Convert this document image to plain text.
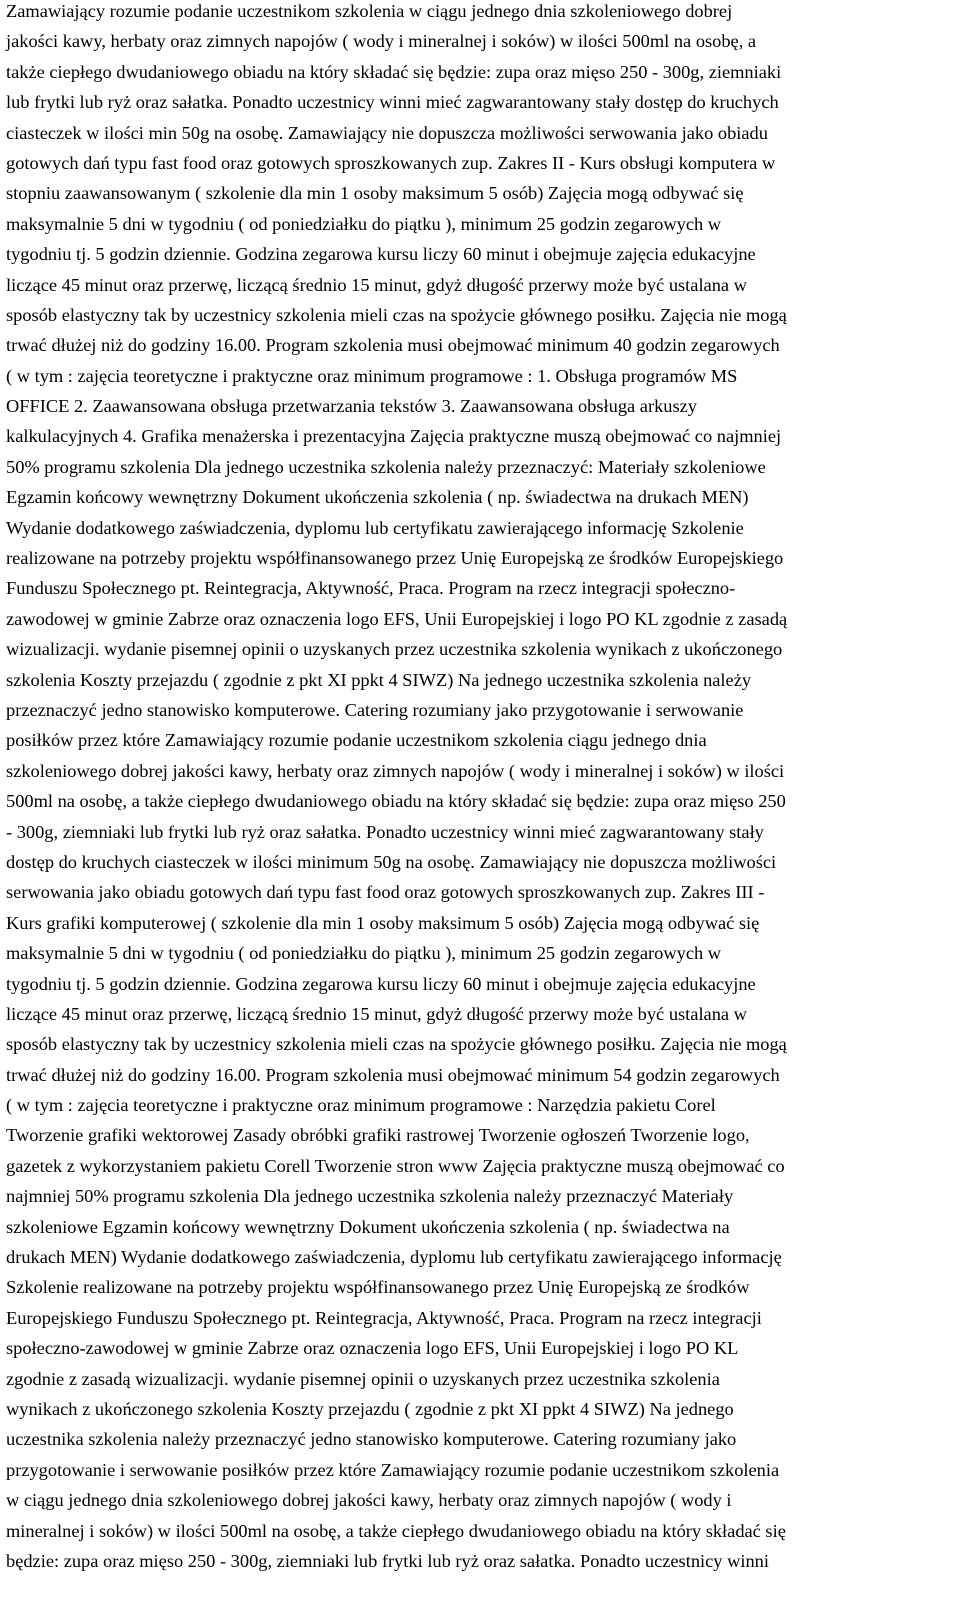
Zamawiający rozumie podanie uczestnikom szkolenia w ciągu jednego dnia szkoleniowego dobrej
jakości kawy, herbaty oraz zimnych napojów ( wody i mineralnej i soków) w ilości 500ml na osobę, a
także ciepłego dwudaniowego obiadu na który składać się będzie: zupa oraz mięso 250 - 300g, ziemniaki
lub frytki lub ryż oraz sałatka. Ponadto uczestnicy winni mieć zagwarantowany stały dostęp do kruchych
ciasteczek w ilości min 50g na osobę. Zamawiający nie dopuszcza możliwości serwowania jako obiadu
gotowych dań typu fast food oraz gotowych sproszkowanych zup. Zakres II - Kurs obsługi komputera w
stopniu zaawansowanym ( szkolenie dla min 1 osoby maksimum 5 osób) Zajęcia mogą odbywać się
maksymalnie 5 dni w tygodniu ( od poniedziałku do piątku ), minimum 25 godzin zegarowych w
tygodniu tj. 5 godzin dziennie. Godzina zegarowa kursu liczy 60 minut i obejmuje zajęcia edukacyjne
liczące 45 minut oraz przerwę, liczącą średnio 15 minut, gdyż długość przerwy może być ustalana w
sposób elastyczny tak by uczestnicy szkolenia mieli czas na spożycie głównego posiłku. Zajęcia nie mogą
trwać dłużej niż do godziny 16.00. Program szkolenia musi obejmować minimum 40 godzin zegarowych
( w tym : zajęcia teoretyczne i praktyczne oraz minimum programowe : 1. Obsługa programów MS
OFFICE 2. Zaawansowana obsługa przetwarzania tekstów 3. Zaawansowana obsługa arkuszy
kalkulacyjnych 4. Grafika menażerska i prezentacyjna Zajęcia praktyczne muszą obejmować co najmniej
50% programu szkolenia Dla jednego uczestnika szkolenia należy przeznaczyć: Materiały szkoleniowe
Egzamin końcowy wewnętrzny Dokument ukończenia szkolenia ( np. świadectwa na drukach MEN)
Wydanie dodatkowego zaświadczenia, dyplomu lub certyfikatu zawierającego informację Szkolenie
realizowane na potrzeby projektu współfinansowanego przez Unię Europejską ze środków Europejskiego
Funduszu Społecznego pt. Reintegracja, Aktywność, Praca. Program na rzecz integracji społeczno-
zawodowej w gminie Zabrze oraz oznaczenia logo EFS, Unii Europejskiej i logo PO KL zgodnie z zasadą
wizualizacji. wydanie pisemnej opinii o uzyskanych przez uczestnika szkolenia wynikach z ukończonego
szkolenia Koszty przejazdu ( zgodnie z pkt XI ppkt 4 SIWZ) Na jednego uczestnika szkolenia należy
przeznaczyć jedno stanowisko komputerowe. Catering rozumiany jako przygotowanie i serwowanie
posiłków przez które Zamawiający rozumie podanie uczestnikom szkolenia ciągu jednego dnia
szkoleniowego dobrej jakości kawy, herbaty oraz zimnych napojów ( wody i mineralnej i soków) w ilości
500ml na osobę, a także ciepłego dwudaniowego obiadu na który składać się będzie: zupa oraz mięso 250
- 300g, ziemniaki lub frytki lub ryż oraz sałatka. Ponadto uczestnicy winni mieć zagwarantowany stały
dostęp do kruchych ciasteczek w ilości minimum 50g na osobę. Zamawiający nie dopuszcza możliwości
serwowania jako obiadu gotowych dań typu fast food oraz gotowych sproszkowanych zup. Zakres III -
Kurs grafiki komputerowej ( szkolenie dla min 1 osoby maksimum 5 osób) Zajęcia mogą odbywać się
maksymalnie 5 dni w tygodniu ( od poniedziałku do piątku ), minimum 25 godzin zegarowych w
tygodniu tj. 5 godzin dziennie. Godzina zegarowa kursu liczy 60 minut i obejmuje zajęcia edukacyjne
liczące 45 minut oraz przerwę, liczącą średnio 15 minut, gdyż długość przerwy może być ustalana w
sposób elastyczny tak by uczestnicy szkolenia mieli czas na spożycie głównego posiłku. Zajęcia nie mogą
trwać dłużej niż do godziny 16.00. Program szkolenia musi obejmować minimum 54 godzin zegarowych
( w tym : zajęcia teoretyczne i praktyczne oraz minimum programowe : Narzędzia pakietu Corel
Tworzenie grafiki wektorowej Zasady obróbki grafiki rastrowej Tworzenie ogłoszeń Tworzenie logo,
gazetek z wykorzystaniem pakietu Corell Tworzenie stron www Zajęcia praktyczne muszą obejmować co
najmniej 50% programu szkolenia Dla jednego uczestnika szkolenia należy przeznaczyć Materiały
szkoleniowe Egzamin końcowy wewnętrzny Dokument ukończenia szkolenia ( np. świadectwa na
drukach MEN) Wydanie dodatkowego zaświadczenia, dyplomu lub certyfikatu zawierającego informację
Szkolenie realizowane na potrzeby projektu współfinansowanego przez Unię Europejską ze środków
Europejskiego Funduszu Społecznego pt. Reintegracja, Aktywność, Praca. Program na rzecz integracji
społeczno-zawodowej w gminie Zabrze oraz oznaczenia logo EFS, Unii Europejskiej i logo PO KL
zgodnie z zasadą wizualizacji. wydanie pisemnej opinii o uzyskanych przez uczestnika szkolenia
wynikach z ukończonego szkolenia Koszty przejazdu ( zgodnie z pkt XI ppkt 4 SIWZ) Na jednego
uczestnika szkolenia należy przeznaczyć jedno stanowisko komputerowe. Catering rozumiany jako
przygotowanie i serwowanie posiłków przez które Zamawiający rozumie podanie uczestnikom szkolenia
w ciągu jednego dnia szkoleniowego dobrej jakości kawy, herbaty oraz zimnych napojów ( wody i
mineralnej i soków) w ilości 500ml na osobę, a także ciepłego dwudaniowego obiadu na który składać się
będzie: zupa oraz mięso 250 - 300g, ziemniaki lub frytki lub ryż oraz sałatka. Ponadto uczestnicy winni
